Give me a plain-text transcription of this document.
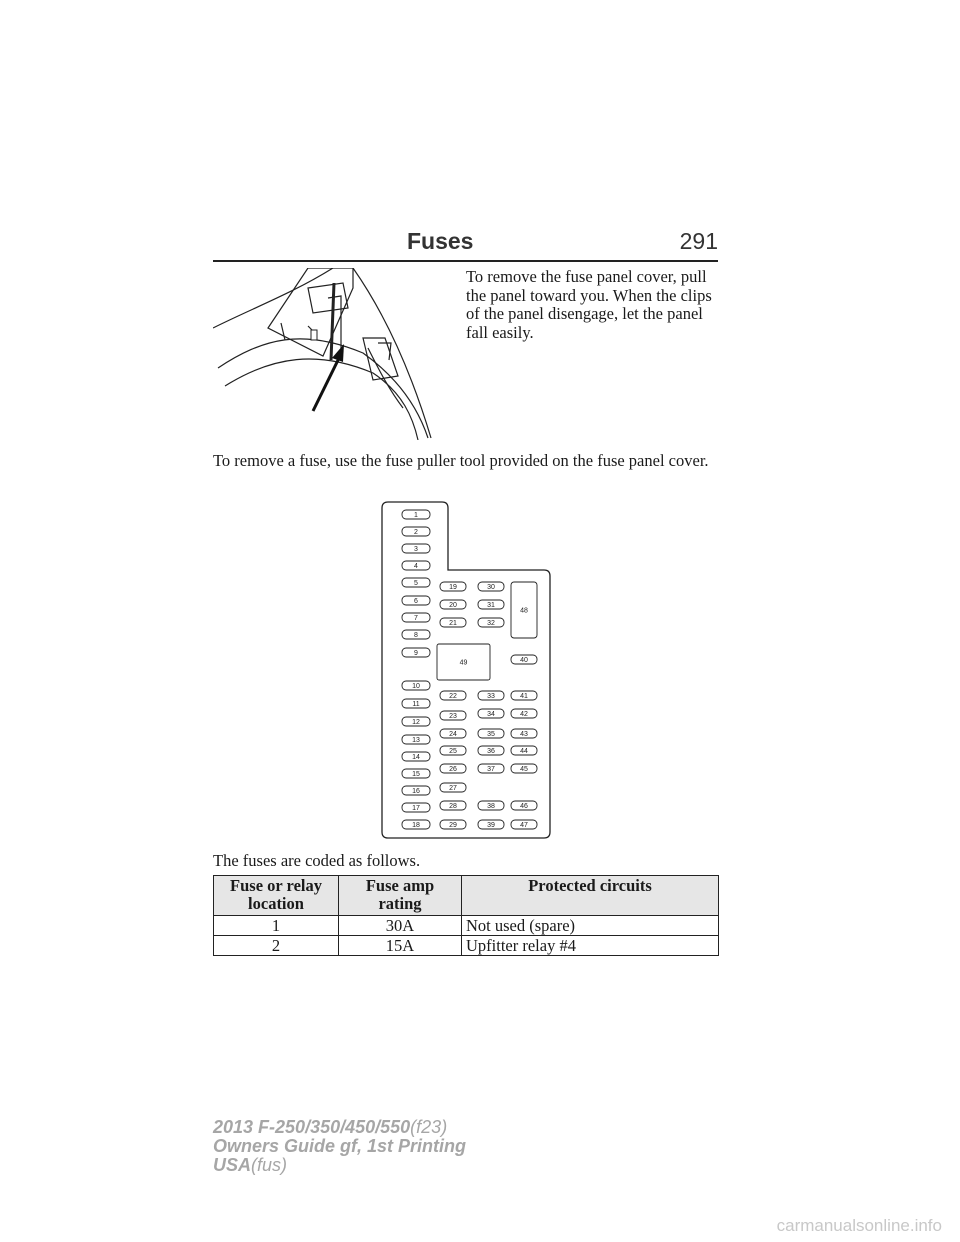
Fuses	291
To remove the fuse panel cover, pull the panel toward you. When the clips of the panel disengage, let the panel fall easily.
To remove a fuse, use the fuse puller tool provided on the fuse panel cover.
1
2
3
4
5
6
7
8
9
10
11
12
13
14
15
16
17
18
19
20
21
22
23
24
25
26
27
28
29
30
31
32
33
34
35
36
37
38
39
40
41
42
43
44
45
46
47
48
49
The fuses are coded as follows.
Fuse or relay location	Fuse amp rating	Protected circuits
1	30A	Not used (spare)
2	15A	Upfitter relay #4
2013 F-250/350/450/550(f23)
Owners Guide gf, 1st Printing
USA(fus)
carmanualsonline.info
